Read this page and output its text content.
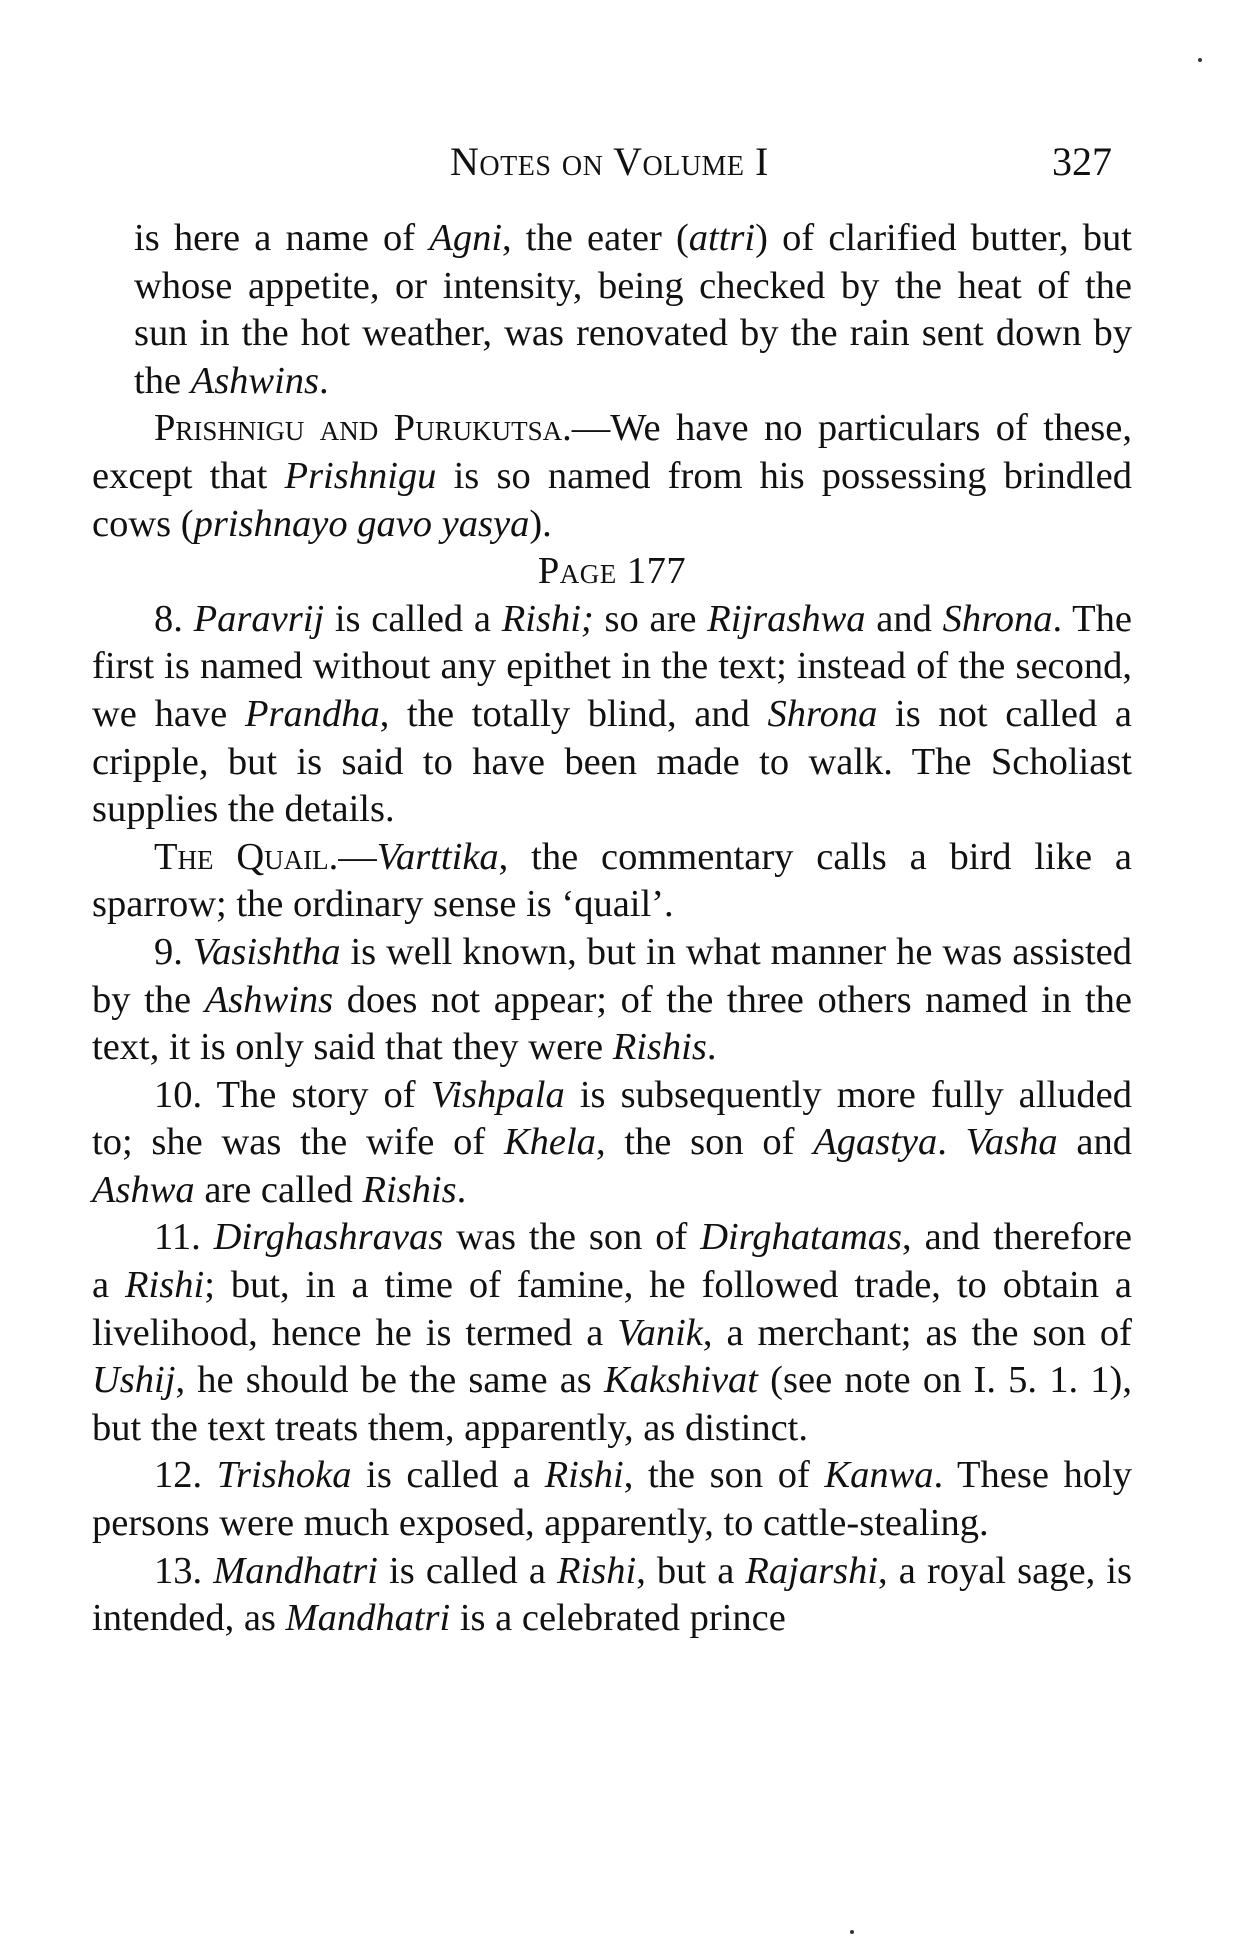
Notes on Volume I	327

is here a name of Agni, the eater (attri) of clarified butter, but whose appetite, or intensity, being checked by the heat of the sun in the hot weather, was renovated by the rain sent down by the Ashwins.

Prishnigu and Purukutsa.—We have no particulars of these, except that Prishnigu is so named from his possessing brindled cows (prishnayo gavo yasya).

Page 177

8. Paravrij is called a Rishi; so are Rijrashwa and Shrona. The first is named without any epithet in the text; instead of the second, we have Prandha, the totally blind, and Shrona is not called a cripple, but is said to have been made to walk. The Scholiast supplies the details.

The Quail.—Varttika, the commentary calls a bird like a sparrow; the ordinary sense is ‘quail’.

9. Vasishtha is well known, but in what manner he was assisted by the Ashwins does not appear; of the three others named in the text, it is only said that they were Rishis.

10. The story of Vishpala is subsequently more fully alluded to; she was the wife of Khela, the son of Agastya. Vasha and Ashwa are called Rishis.

11. Dirghashravas was the son of Dirghatamas, and therefore a Rishi; but, in a time of famine, he followed trade, to obtain a livelihood, hence he is termed a Vanik, a merchant; as the son of Ushij, he should be the same as Kakshivat (see note on I. 5. 1. 1), but the text treats them, apparently, as distinct.

12. Trishoka is called a Rishi, the son of Kanwa. These holy persons were much exposed, apparently, to cattle-stealing.

13. Mandhatri is called a Rishi, but a Rajarshi, a royal sage, is intended, as Mandhatri is a celebrated prince
